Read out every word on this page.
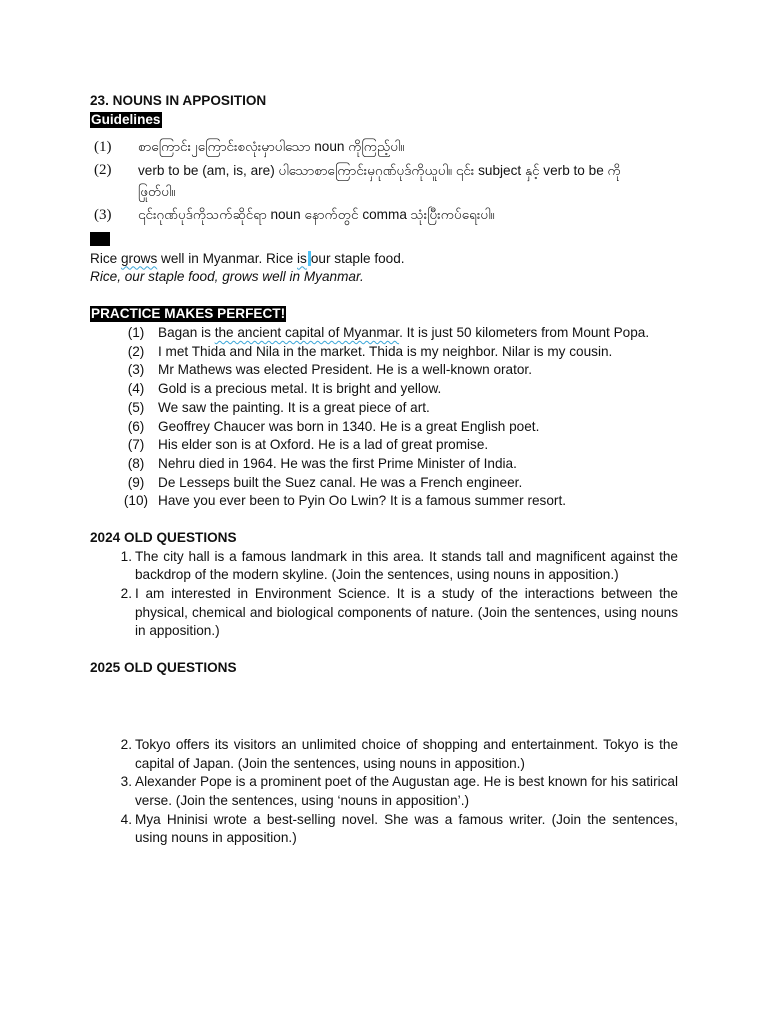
23. NOUNS IN APPOSITION

Guidelines
(1)	စာကြောင်း၂ကြောင်းစလုံးမှာပါသော noun ကိုကြည့်ပါ။
(2)	verb to be (am, is, are) ပါသောစာကြောင်းမှဂုဏ်ပုဒ်ကိုယူပါ။ ၎င်း subject နှင့် verb to be ကိုဖြုတ်ပါ။
(3)	၎င်းဂုဏ်ပုဒ်ကိုသက်ဆိုင်ရာ noun နောက်တွင် comma သုံးပြီးကပ်ရေးပါ။
Rice grows well in Myanmar. Rice is our staple food.
Rice, our staple food, grows well in Myanmar.
PRACTICE MAKES PERFECT!
(1)	Bagan is the ancient capital of Myanmar. It is just 50 kilometers from Mount Popa.
(2)	I met Thida and Nila in the market. Thida is my neighbor. Nilar is my cousin.
(3)	Mr Mathews was elected President. He is a well-known orator.
(4)	Gold is a precious metal. It is bright and yellow.
(5)	We saw the painting. It is a great piece of art.
(6)	Geoffrey Chaucer was born in 1340. He is a great English poet.
(7)	His elder son is at Oxford. He is a lad of great promise.
(8)	Nehru died in 1964. He was the first Prime Minister of India.
(9)	De Lesseps built the Suez canal. He was a French engineer.
(10) Have you ever been to Pyin Oo Lwin? It is a famous summer resort.

2024 OLD QUESTIONS

1. The city hall is a famous landmark in this area. It stands tall and magnificent against the backdrop of the modern skyline. (Join the sentences, using nouns in apposition.)
2. I am interested in Environment Science. It is a study of the interactions between the physical, chemical and biological components of nature. (Join the sentences, using nouns in apposition.)

2025 OLD QUESTIONS

2. Tokyo offers its visitors an unlimited choice of shopping and entertainment. Tokyo is the capital of Japan. (Join the sentences, using nouns in apposition.)
3. Alexander Pope is a prominent poet of the Augustan age. He is best known for his satirical verse. (Join the sentences, using ‘nouns in apposition’.)
4. Mya Hninisi wrote a best-selling novel. She was a famous writer. (Join the sentences, using nouns in apposition.)
